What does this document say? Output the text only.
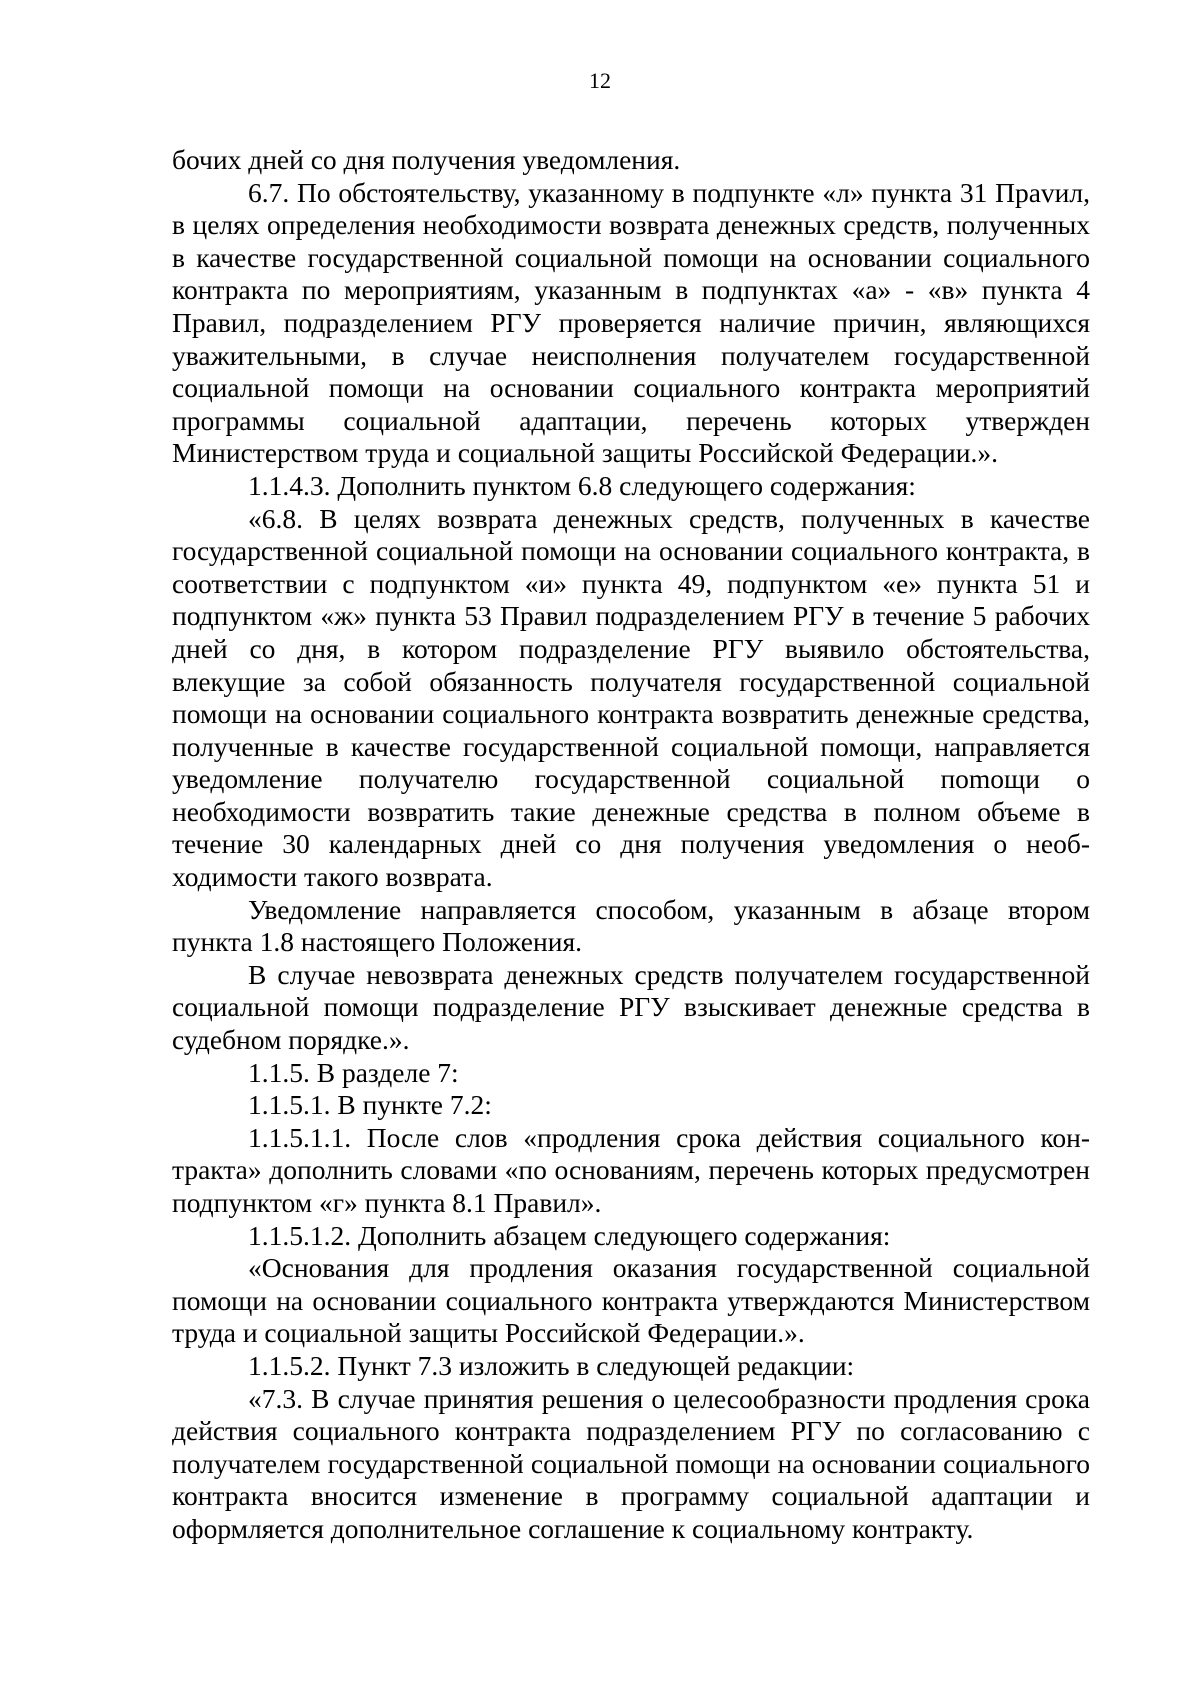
12

бочих дней со дня получения уведомления.

6.7. По обстоятельству, указанному в подпункте «л» пункта 31 Праvил, в целях определения необходимости возврата денежных средств, полученных в качестве государственной социальной помощи на основании социального контракта по мероприятиям, указанным в подпунктах «а» - «в» пункта 4 Правил, подразделением РГУ проверяется наличие причин, являющихся уважительными, в случае неисполнения получателем государственной социальной помощи на основании социального контракта мероприятий программы социальной адаптации, перечень которых утвержден Министерством труда и социальной защиты Российской Федерации.».

1.1.4.3. Дополнить пунктом 6.8 следующего содержания:

«6.8. В целях возврата денежных средств, полученных в качестве государственной социальной помощи на основании социального контракта, в соответствии с подпунктом «и» пункта 49, подпунктом «е» пункта 51 и подпунктом «ж» пункта 53 Правил подразделением РГУ в течение 5 рабочих дней со дня, в котором подразделение РГУ выявило обстоятельства, влекущие за собой обязанность получателя государственной социальной помощи на основании социального контракта возвратить денежные средства, полученные в качестве государственной социальной помощи, направляется уведомление получателю государственной социальной поmощи о необходимости возвратить такие денежные средства в полном объеме в течение 30 календарных дней со дня получения уведомления о необходимости такого возврата.

Уведомление направляется способом, указанным в абзаце втором пункта 1.8 настоящего Положения.

В случае невозврата денежных средств получателем государственной социальной помощи подразделение РГУ взыскивает денежные средства в судебном порядке.».

1.1.5. В разделе 7:

1.1.5.1. В пункте 7.2:

1.1.5.1.1. После слов «продления срока действия социального контракта» дополнить словами «по основаниям, перечень которых предусмотрен подпунктом «г» пункта 8.1 Правил».

1.1.5.1.2. Дополнить абзацем следующего содержания:

«Основания для продления оказания государственной социальной помощи на основании социального контракта утверждаются Министерством труда и социальной защиты Российской Федерации.».

1.1.5.2. Пункт 7.3 изложить в следующей редакции:

«7.3. В случае принятия решения о целесообразности продления срока действия социального контракта подразделением РГУ по согласованию с получателем государственной социальной помощи на основании социального контракта вносится изменение в программу социальной адаптации и оформляется дополнительное соглашение к социальному контракту.
